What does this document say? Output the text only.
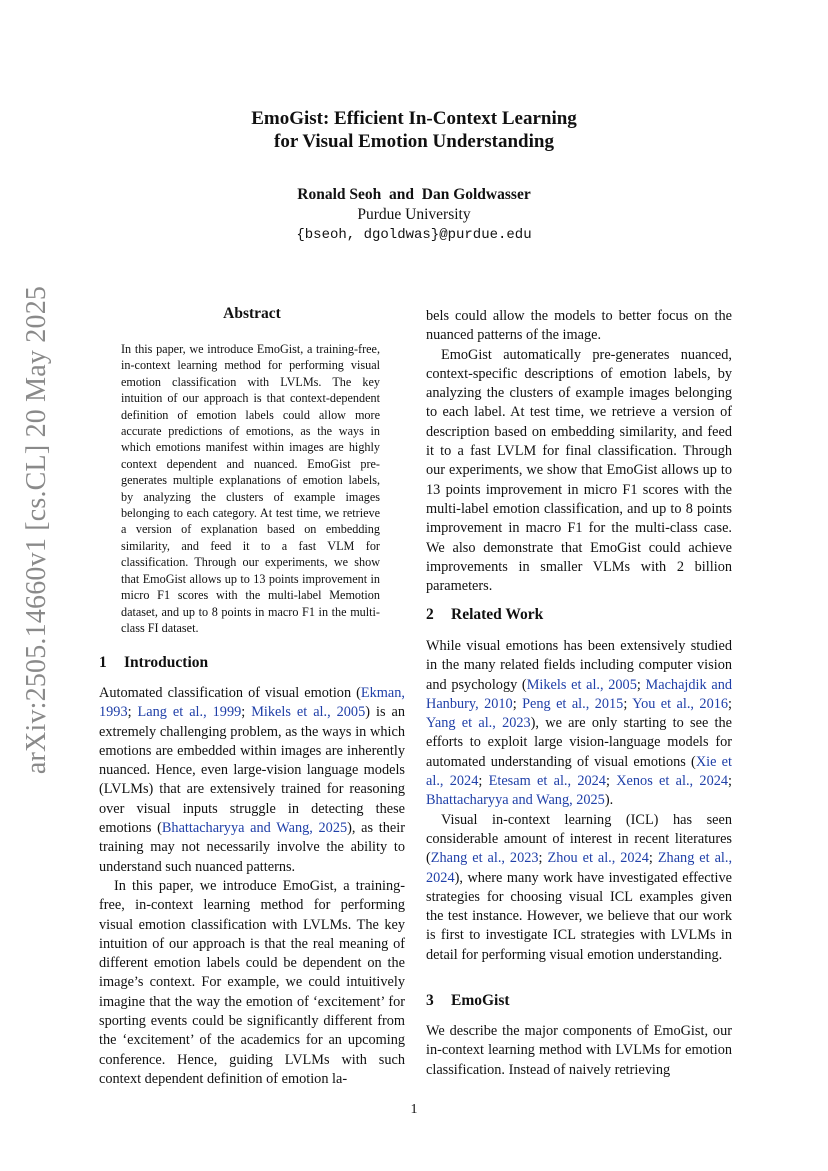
arXiv:2505.14660v1 [cs.CL] 20 May 2025
EmoGist: Efficient In-Context Learning
for Visual Emotion Understanding
Ronald Seoh  and  Dan Goldwasser
Purdue University
{bseoh, dgoldwas}@purdue.edu
Abstract
In this paper, we introduce EmoGist, a training-free, in-context learning method for performing visual emotion classification with LVLMs. The key intuition of our approach is that context-dependent definition of emotion labels could allow more accurate predictions of emotions, as the ways in which emotions manifest within images are highly context dependent and nuanced. EmoGist pre-generates multiple explanations of emotion labels, by analyzing the clusters of example images belonging to each category. At test time, we retrieve a version of explanation based on embedding similarity, and feed it to a fast VLM for classification. Through our experiments, we show that EmoGist allows up to 13 points improvement in micro F1 scores with the multi-label Memotion dataset, and up to 8 points in macro F1 in the multi-class FI dataset.
1 Introduction

Automated classification of visual emotion (Ekman, 1993; Lang et al., 1999; Mikels et al., 2005) is an extremely challenging problem, as the ways in which emotions are embedded within images are inherently nuanced. Hence, even large-vision language models (LVLMs) that are extensively trained for reasoning over visual inputs struggle in detecting these emotions (Bhattacharyya and Wang, 2025), as their training may not necessarily involve the ability to understand such nuanced patterns.

In this paper, we introduce EmoGist, a training-free, in-context learning method for performing visual emotion classification with LVLMs. The key intuition of our approach is that the real meaning of different emotion labels could be dependent on the image’s context. For example, we could intuitively imagine that the way the emotion of ‘excitement’ for sporting events could be significantly different from the ‘excitement’ of the academics for an upcoming conference. Hence, guiding LVLMs with such context dependent definition of emotion la-

bels could allow the models to better focus on the nuanced patterns of the image.

EmoGist automatically pre-generates nuanced, context-specific descriptions of emotion labels, by analyzing the clusters of example images belonging to each label. At test time, we retrieve a version of description based on embedding similarity, and feed it to a fast LVLM for final classification. Through our experiments, we show that EmoGist allows up to 13 points improvement in micro F1 scores with the multi-label emotion classification, and up to 8 points improvement in macro F1 for the multi-class case. We also demonstrate that EmoGist could achieve improvements in smaller VLMs with 2 billion parameters.

2 Related Work

While visual emotions has been extensively studied in the many related fields including computer vision and psychology (Mikels et al., 2005; Machajdik and Hanbury, 2010; Peng et al., 2015; You et al., 2016; Yang et al., 2023), we are only starting to see the efforts to exploit large vision-language models for automated understanding of visual emotions (Xie et al., 2024; Etesam et al., 2024; Xenos et al., 2024; Bhattacharyya and Wang, 2025).

Visual in-context learning (ICL) has seen considerable amount of interest in recent literatures (Zhang et al., 2023; Zhou et al., 2024; Zhang et al., 2024), where many work have investigated effective strategies for choosing visual ICL examples given the test instance. However, we believe that our work is first to investigate ICL strategies with LVLMs in detail for performing visual emotion understanding.

3 EmoGist

We describe the major components of EmoGist, our in-context learning method with LVLMs for emotion classification. Instead of naively retrieving

1
